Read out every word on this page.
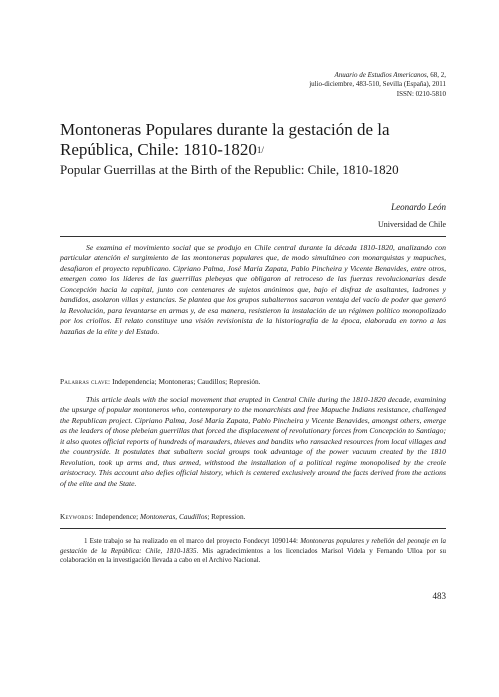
Anuario de Estudios Americanos, 68, 2,
julio-diciembre, 483-510, Sevilla (España), 2011
ISSN: 0210-5810
Montoneras Populares durante la gestación de la República, Chile: $1810-1820^{1/}$
Popular Guerrillas at the Birth of the Republic: Chile, 1810-1820
Leonardo León
Universidad de Chile

Se examina el movimiento social que se produjo en Chile central durante la década 1810-1820, analizando con particular atención el surgimiento de las montoneras populares que, de modo simultáneo con monarquistas y mapuches, desafiaron el proyecto republicano. Cipriano Palma, José María Zapata, Pablo Pincheira y Vicente Benavides, entre otros, emergen como los líderes de las guerrillas plebeyas que obligaron al retroceso de las fuerzas revolucionarias desde Concepción hacia la capital, junto con centenares de sujetos anónimos que, bajo el disfraz de asaltantes, ladrones y bandidos, asolaron villas y estancias. Se plantea que los grupos subalternos sacaron ventaja del vacío de poder que generó la Revolución, para levantarse en armas y, de esa manera, resistieron la instalación de un régimen político monopolizado por los criollos. El relato constituye una visión revisionista de la historiografía de la época, elaborada en torno a las hazañas de la elite y del Estado.

Palabras clave: Independencia; Montoneras; Caudillos; Represión.

This article deals with the social movement that erupted in Central Chile during the 1810-1820 decade, examining the upsurge of popular montoneros who, contemporary to the monarchists and free Mapuche Indians resistance, challenged the Republican project. Cipriano Palma, José María Zapata, Pablo Pincheira y Vicente Benavides, amongst others, emerge as the leaders of those plebeian guerrillas that forced the displacement of revolutionary forces from Concepción to Santiago; it also quotes official reports of hundreds of marauders, thieves and bandits who ransacked resources from local villages and the countryside. It postulates that subaltern social groups took advantage of the power vacuum created by the 1810 Revolution, took up arms and, thus armed, withstood the installation of a political regime monopolised by the creole aristocracy. This account also defies official history, which is centered exclusively around the facts derived from the actions of the elite and the State.

Keywords: Independence; Montoneras, Caudillos; Repression.

1 Este trabajo se ha realizado en el marco del proyecto Fondecyt 1090144: Montoneras populares y rebelión del peonaje en la gestación de la República: Chile, 1810-1835. Mis agradecimientos a los licenciados Marisol Videla y Fernando Ulloa por su colaboración en la investigación llevada a cabo en el Archivo Nacional.

483
